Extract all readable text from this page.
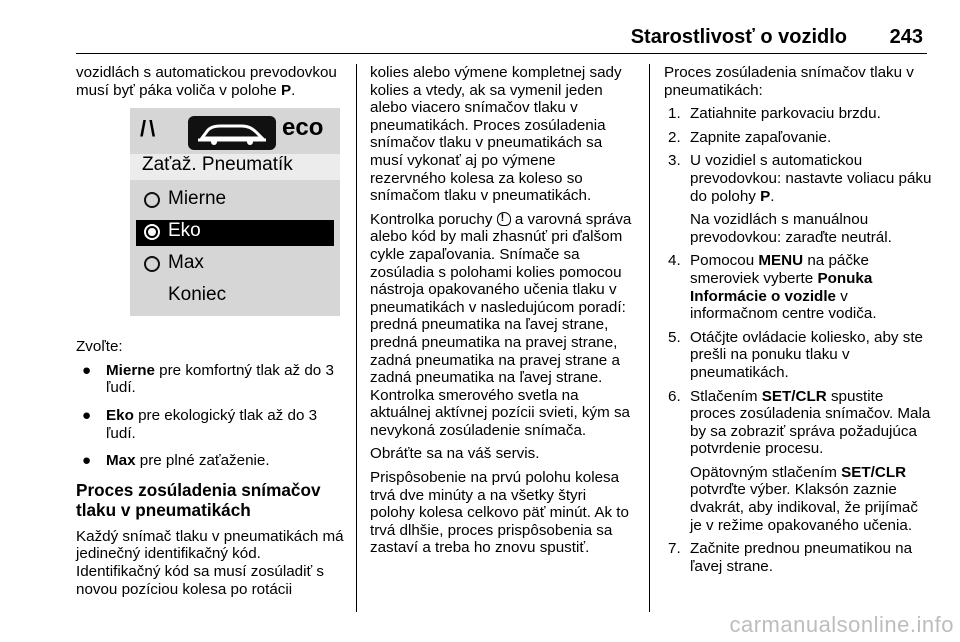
Starostlivosť o vozidlo 243

vozidlách s automatickou prevodovkou musí byť páka voliča v polohe P.

/\	eco
Zaťaž. Pneumatík
Mierne
Eko
Max
Koniec

Zvoľte:

● Mierne pre komfortný tlak až do 3 ľudí.
● Eko pre ekologický tlak až do 3 ľudí.
● Max pre plné zaťaženie.
Proces zosúladenia snímačov tlaku v pneumatikách

Každý snímač tlaku v pneumatikách má jedinečný identifikačný kód. Identifikačný kód sa musí zosúladiť s novou pozíciou kolesa po rotácii

kolies alebo výmene kompletnej sady kolies a vtedy, ak sa vymenil jeden alebo viacero snímačov tlaku v pneumatikách. Proces zosúladenia snímačov tlaku v pneumatikách sa musí vykonať aj po výmene rezervného kolesa za koleso so snímačom tlaku v pneumatikách.

Kontrolka poruchy ! a varovná správa alebo kód by mali zhasnúť pri ďalšom cykle zapaľovania. Snímače sa zosúladia s polohami kolies pomocou nástroja opakovaného učenia tlaku v pneumatikách v nasledujúcom poradí: predná pneumatika na ľavej strane, predná pneumatika na pravej strane, zadná pneumatika na pravej strane a zadná pneumatika na ľavej strane. Kontrolka smerového svetla na aktuálnej aktívnej pozícii svieti, kým sa nevykoná zosúladenie snímača.

Obráťte sa na váš servis.

Prispôsobenie na prvú polohu kolesa trvá dve minúty a na všetky štyri polohy kolesa celkovo päť minút. Ak to trvá dlhšie, proces prispôsobenia sa zastaví a treba ho znovu spustiť.

Proces zosúladenia snímačov tlaku v pneumatikách:

1. Zatiahnite parkovaciu brzdu.
2. Zapnite zapaľovanie.
3. U vozidiel s automatickou prevodovkou: nastavte voliacu páku do polohy P.

Na vozidlách s manuálnou prevodovkou: zaraďte neutrál.

4. Pomocou MENU na páčke smeroviek vyberte Ponuka Informácie o vozidle v informačnom centre vodiča.
5. Otáčjte ovládacie koliesko, aby ste prešli na ponuku tlaku v pneumatikách.
6. Stlačením SET/CLR spustite proces zosúladenia snímačov. Mala by sa zobraziť správa požadujúca potvrdenie procesu.

Opätovným stlačením SET/CLR potvrďte výber. Klaksón zaznie dvakrát, aby indikoval, že prijímač je v režime opakovaného učenia.

7. Začnite prednou pneumatikou na ľavej strane.
carmanualsonline.info
